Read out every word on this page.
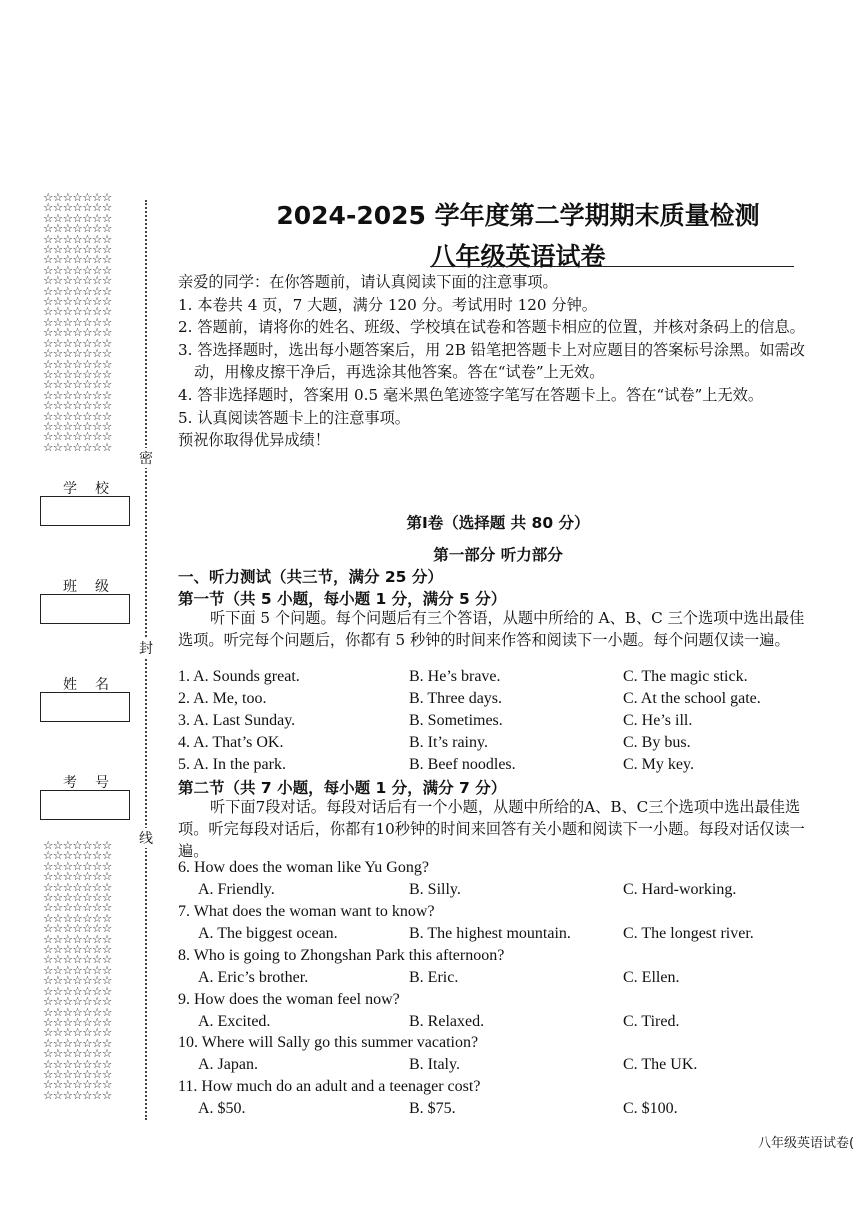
☆☆☆☆☆☆☆
☆☆☆☆☆☆☆
☆☆☆☆☆☆☆
☆☆☆☆☆☆☆
☆☆☆☆☆☆☆
☆☆☆☆☆☆☆
☆☆☆☆☆☆☆
☆☆☆☆☆☆☆
☆☆☆☆☆☆☆
☆☆☆☆☆☆☆
☆☆☆☆☆☆☆
☆☆☆☆☆☆☆
☆☆☆☆☆☆☆
☆☆☆☆☆☆☆
☆☆☆☆☆☆☆
☆☆☆☆☆☆☆
☆☆☆☆☆☆☆
☆☆☆☆☆☆☆
☆☆☆☆☆☆☆
☆☆☆☆☆☆☆
☆☆☆☆☆☆☆
☆☆☆☆☆☆☆
☆☆☆☆☆☆☆
☆☆☆☆☆☆☆
☆☆☆☆☆☆☆
学校
班级
姓名
考号
☆☆☆☆☆☆☆
☆☆☆☆☆☆☆
☆☆☆☆☆☆☆
☆☆☆☆☆☆☆
☆☆☆☆☆☆☆
☆☆☆☆☆☆☆
☆☆☆☆☆☆☆
☆☆☆☆☆☆☆
☆☆☆☆☆☆☆
☆☆☆☆☆☆☆
☆☆☆☆☆☆☆
☆☆☆☆☆☆☆
☆☆☆☆☆☆☆
☆☆☆☆☆☆☆
☆☆☆☆☆☆☆
☆☆☆☆☆☆☆
☆☆☆☆☆☆☆
☆☆☆☆☆☆☆
☆☆☆☆☆☆☆
☆☆☆☆☆☆☆
☆☆☆☆☆☆☆
☆☆☆☆☆☆☆
☆☆☆☆☆☆☆
☆☆☆☆☆☆☆
☆☆☆☆☆☆☆
密
封
线
2024-2025 学年度第二学期期末质量检测
八年级英语试卷

亲爱的同学：在你答题前，请认真阅读下面的注意事项。

1. 本卷共 4 页，7 大题，满分 120 分。考试用时 120 分钟。

2. 答题前，请将你的姓名、班级、学校填在试卷和答题卡相应的位置，并核对条码上的信息。

3. 答选择题时，选出每小题答案后，用 2B 铅笔把答题卡上对应题目的答案标号涂黑。如需改动，用橡皮擦干净后，再选涂其他答案。答在“试卷”上无效。

4. 答非选择题时，答案用 0.5 毫米黑色笔迹签字笔写在答题卡上。答在“试卷”上无效。

5. 认真阅读答题卡上的注意事项。

预祝你取得优异成绩！

第Ⅰ卷（选择题 共 80 分）
第一部分 听力部分
一、听力测试（共三节，满分 25 分）
第一节（共 5 小题，每小题 1 分，满分 5 分）
听下面 5 个问题。每个问题后有三个答语，从题中所给的 A、B、C 三个选项中选出最佳选项。听完每个问题后，你都有 5 秒钟的时间来作答和阅读下一小题。每个问题仅读一遍。
1. A. Sounds great.	B. He’s brave.	C. The magic stick.
2. A. Me, too.	B. Three days.	C. At the school gate.
3. A. Last Sunday.	B. Sometimes.	C. He’s ill.
4. A. That’s OK.	B. It’s rainy.	C. By bus.
5. A. In the park.	B. Beef noodles.	C. My key.
第二节（共 7 小题，每小题 1 分，满分 7 分）
听下面7段对话。每段对话后有一个小题，从题中所给的A、B、C三个选项中选出最佳选项。听完每段对话后，你都有10秒钟的时间来回答有关小题和阅读下一小题。每段对话仅读一遍。
6. How does the woman like Yu Gong?
A. Friendly.	B. Silly.	C. Hard-working.
7. What does the woman want to know?
A. The biggest ocean.	B. The highest mountain.	C. The longest river.
8. Who is going to Zhongshan Park this afternoon?
A. Eric’s brother.	B. Eric.	C. Ellen.
9. How does the woman feel now?
A. Excited.	B. Relaxed.	C. Tired.
10. Where will Sally go this summer vacation?
A. Japan.	B. Italy.	C. The UK.
11. How much do an adult and a teenager cost?
A. $50.	B. $75.	C. $100.
八年级英语试卷(
